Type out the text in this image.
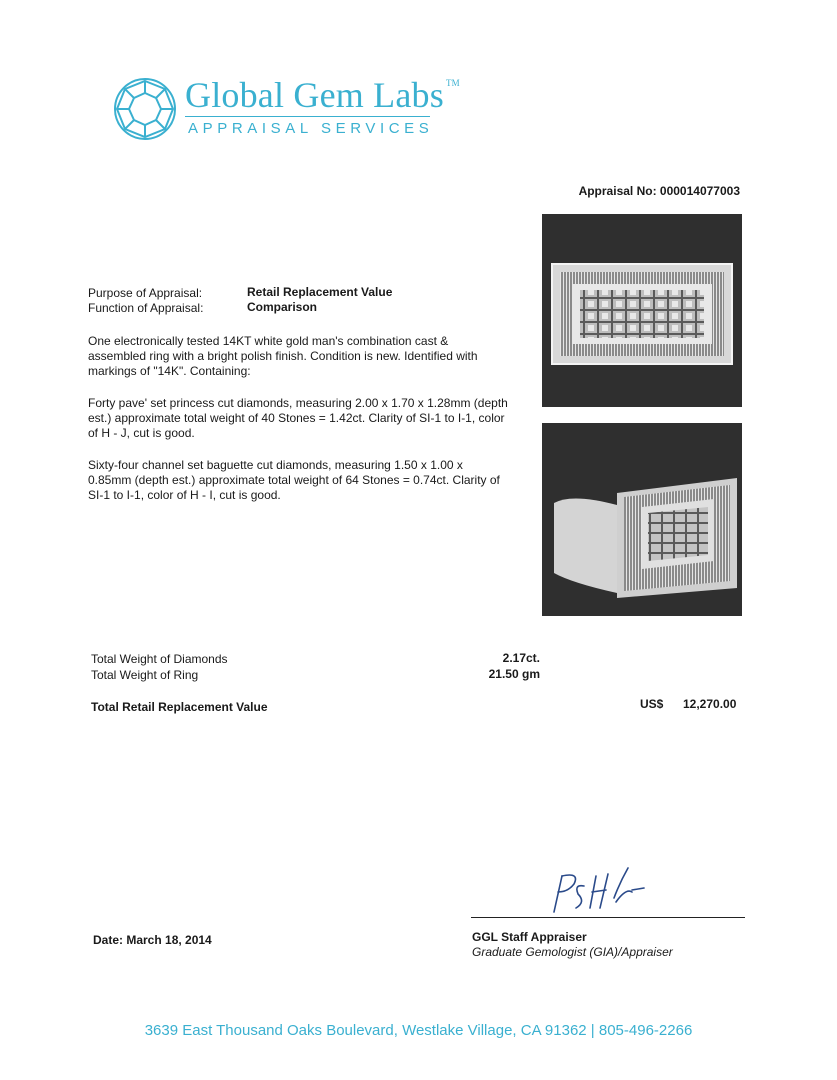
Global Gem Labs ™
APPRAISAL SERVICES
Appraisal No: 000014077003
Purpose of Appraisal:	Retail Replacement Value
Function of Appraisal:	Comparison

One electronically tested 14KT white gold man's combination cast & assembled ring with a bright polish finish. Condition is new. Identified with markings of "14K". Containing:

Forty pave' set princess cut diamonds, measuring 2.00 x 1.70 x 1.28mm (depth est.) approximate total weight of 40 Stones = 1.42ct. Clarity of SI-1 to I-1, color of H - J, cut is good.

Sixty-four channel set baguette cut diamonds, measuring 1.50 x 1.00 x 0.85mm (depth est.) approximate total weight of 64 Stones = 0.74ct. Clarity of SI-1 to I-1, color of H - I, cut is good.

Total Weight of Diamonds	2.17ct.
Total Weight of Ring	21.50 gm
Total Retail Replacement Value	US$ 12,270.00
Date: March 18, 2014	GGL Staff Appraiser
Graduate Gemologist (GIA)/Appraiser
3639 East Thousand Oaks Boulevard, Westlake Village, CA 91362 | 805-496-2266
